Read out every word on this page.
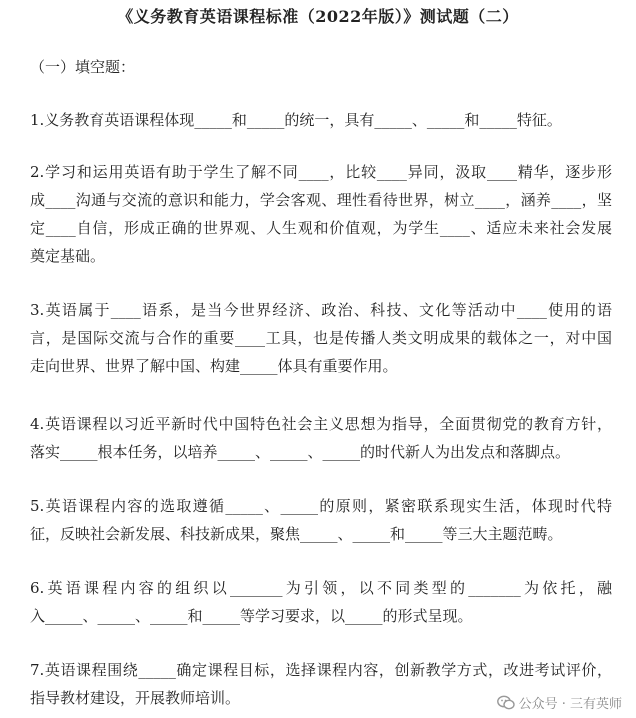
《义务教育英语课程标准（2022年版）》测试题（二）
（一）填空题：
1.义务教育英语课程体现_____和_____的统一，具有_____、_____和_____特征。
2.学习和运用英语有助于学生了解不同____，比较____异同，汲取____精华，逐步形
成____沟通与交流的意识和能力，学会客观、理性看待世界，树立____，涵养____，坚
定____自信，形成正确的世界观、人生观和价值观，为学生____、适应未来社会发展
奠定基础。
3.英语属于____语系，是当今世界经济、政治、科技、文化等活动中____使用的语
言，是国际交流与合作的重要____工具，也是传播人类文明成果的载体之一，对中国
走向世界、世界了解中国、构建_____体具有重要作用。
4.英语课程以习近平新时代中国特色社会主义思想为指导，全面贯彻党的教育方针，
落实_____根本任务，以培养_____、_____、_____的时代新人为出发点和落脚点。
5.英语课程内容的选取遵循_____、_____的原则，紧密联系现实生活，体现时代特
征，反映社会新发展、科技新成果，聚焦_____、_____和_____等三大主题范畴。
6.英语课程内容的组织以_______为引领，以不同类型的_______为依托，融
入_____、_____、_____和_____等学习要求，以_____的形式呈现。
7.英语课程围绕_____确定课程目标，选择课程内容，创新教学方式，改进考试评价，
指导教材建设，开展教师培训。	公众号 · 三有英师
